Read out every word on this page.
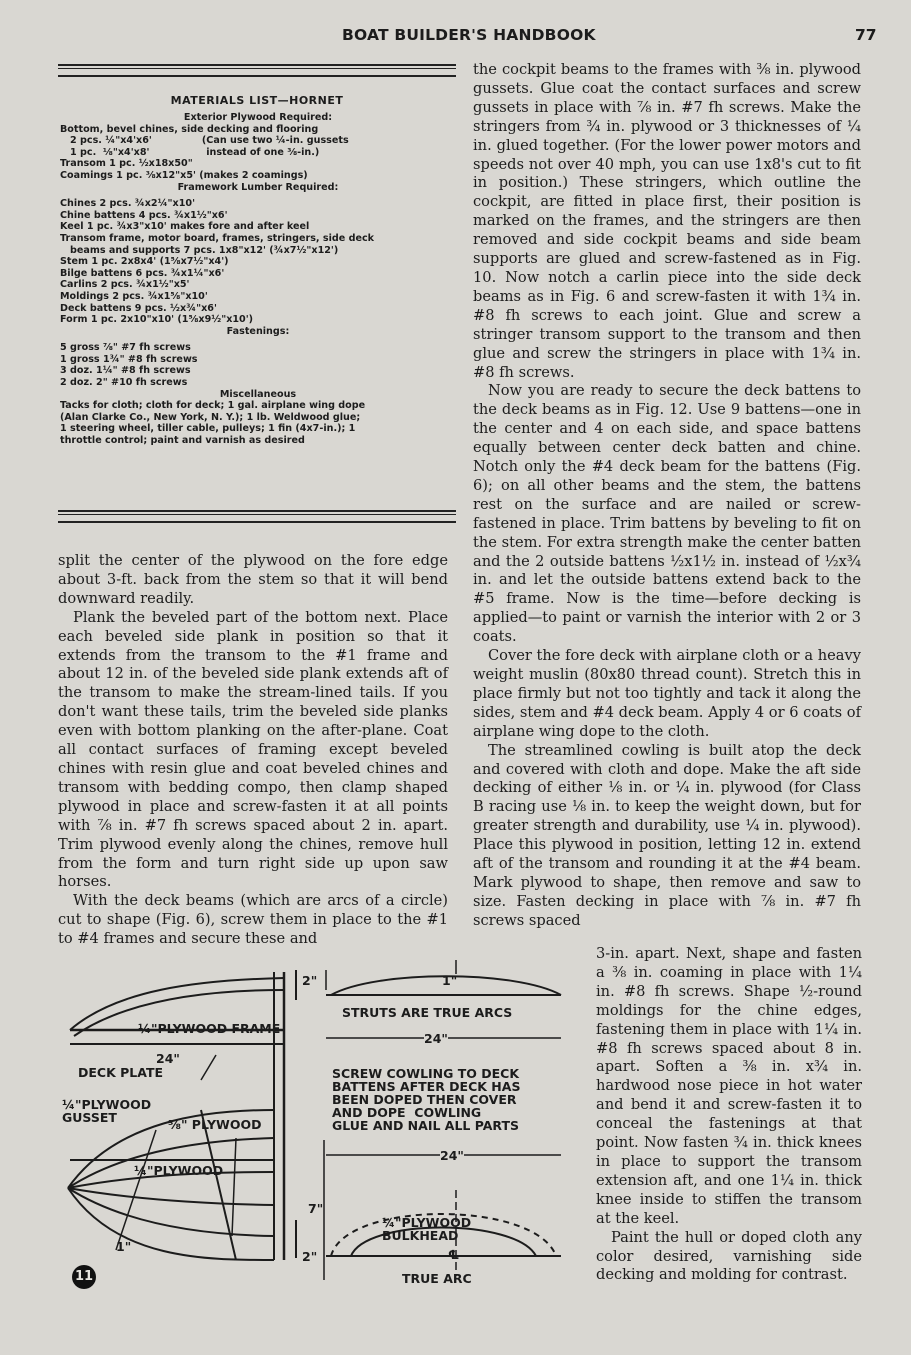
BOAT BUILDER'S HANDBOOK	77
MATERIALS LIST—HORNET
Exterior Plywood Required:
Bottom, bevel chines, side decking and flooring
2 pcs. ¼"x4'x6'               (Can use two ¼-in. gussets
1 pc.  ⅛"x4'x8'                 instead of one ⅜-in.)
Transom 1 pc. ½x18x50"
Coamings 1 pc. ⅜x12"x5' (makes 2 coamings)
Framework Lumber Required:
Chines 2 pcs. ¾x2¼"x10'
Chine battens 4 pcs. ¾x1½"x6'
Keel 1 pc. ¾x3"x10' makes fore and after keel
Transom frame, motor board, frames, stringers, side deck
beams and supports 7 pcs. 1x8"x12' (¾x7½"x12')
Stem 1 pc. 2x8x4' (1⅝x7½"x4')
Bilge battens 6 pcs. ¾x1¼"x6'
Carlins 2 pcs. ¾x1½"x5'
Moldings 2 pcs. ¾x1⅝"x10'
Deck battens 9 pcs. ½x¾"x6'
Form 1 pc. 2x10"x10' (1⅝x9½"x10')
Fastenings:
5 gross ⅞" #7 fh screws
1 gross 1¾" #8 fh screws
3 doz. 1¼" #8 fh screws
2 doz. 2" #10 fh screws
Miscellaneous
Tacks for cloth; cloth for deck; 1 gal. airplane wing dope
(Alan Clarke Co., New York, N. Y.); 1 lb. Weldwood glue;
1 steering wheel, tiller cable, pulleys; 1 fin (4x7-in.); 1
throttle control; paint and varnish as desired

split the center of the plywood on the fore edge about 3-ft. back from the stem so that it will bend downward readily.

Plank the beveled part of the bottom next. Place each beveled side plank in position so that it extends from the transom to the #1 frame and about 12 in. of the beveled side plank extends aft of the transom to make the stream-lined tails. If you don't want these tails, trim the beveled side planks even with bottom planking on the after-plane. Coat all contact surfaces of framing except beveled chines with resin glue and coat beveled chines and transom with bedding compo, then clamp shaped plywood in place and screw-fasten it at all points with ⅞ in. #7 fh screws spaced about 2 in. apart. Trim plywood evenly along the chines, remove hull from the form and turn right side up upon saw horses.

With the deck beams (which are arcs of a circle) cut to shape (Fig. 6), screw them in place to the #1 to #4 frames and secure these and

the cockpit beams to the frames with ⅜ in. plywood gussets. Glue coat the contact surfaces and screw gussets in place with ⅞ in. #7 fh screws. Make the stringers from ¾ in. plywood or 3 thicknesses of ¼ in. glued together. (For the lower power motors and speeds not over 40 mph, you can use 1x8's cut to fit in position.) These stringers, which outline the cockpit, are fitted in place first, their position is marked on the frames, and the stringers are then removed and side cockpit beams and side beam supports are glued and screw-fastened as in Fig. 10. Now notch a carlin piece into the side deck beams as in Fig. 6 and screw-fasten it with 1¾ in. #8 fh screws to each joint. Glue and screw a stringer transom support to the transom and then glue and screw the stringers in place with 1¾ in. #8 fh screws.

Now you are ready to secure the deck battens to the deck beams as in Fig. 12. Use 9 battens—one in the center and 4 on each side, and space battens equally between center deck batten and chine. Notch only the #4 deck beam for the battens (Fig. 6); on all other beams and the stem, the battens rest on the surface and are nailed or screw-fastened in place. Trim battens by beveling to fit on the stem. For extra strength make the center batten and the 2 outside battens ½x1½ in. instead of ½x¾ in. and let the outside battens extend back to the #5 frame. Now is the time—before decking is applied—to paint or varnish the interior with 2 or 3 coats.

Cover the fore deck with airplane cloth or a heavy weight muslin (80x80 thread count). Stretch this in place firmly but not too tightly and tack it along the sides, stem and #4 deck beam. Apply 4 or 6 coats of airplane wing dope to the cloth.

The streamlined cowling is built atop the deck and covered with cloth and dope. Make the aft side decking of either ⅛ in. or ¼ in. plywood (for Class B racing use ⅛ in. to keep the weight down, but for greater strength and durability, use ¼ in. plywood). Place this plywood in position, letting 12 in. extend aft of the transom and rounding it at the #4 beam. Mark plywood to shape, then remove and saw to size. Fasten decking in place with ⅞ in. #7 fh screws spaced

3-in. apart. Next, shape and fasten a ⅜ in. coaming in place with 1¼ in. #8 fh screws. Shape ½-round moldings for the chine edges, fastening them in place with 1¼ in. #8 fh screws spaced about 8 in. apart. Soften a ⅜ in. x¾ in. hardwood nose piece in hot water and bend it and screw-fasten it to conceal the fastenings at that point. Now fasten ¾ in. thick knees in place to support the transom extension aft, and one 1¼ in. thick knee inside to stiffen the transom at the keel.

Paint the hull or doped cloth any color desired, varnishing side decking and molding for contrast.

¼"PLYWOOD FRAME
24"
DECK PLATE
¼"PLYWOOD
GUSSET	⅜" PLYWOOD
¼"PLYWOOD
1"
2"	1"
STRUTS ARE TRUE ARCS
24"
SCREW COWLING TO DECK
BATTENS AFTER DECK HAS
BEEN DOPED THEN COVER
AND DOPE  COWLING
GLUE AND NAIL ALL PARTS
24"
7"
¼"PLYWOOD
BULKHEAD
2"	℄
TRUE ARC
11
